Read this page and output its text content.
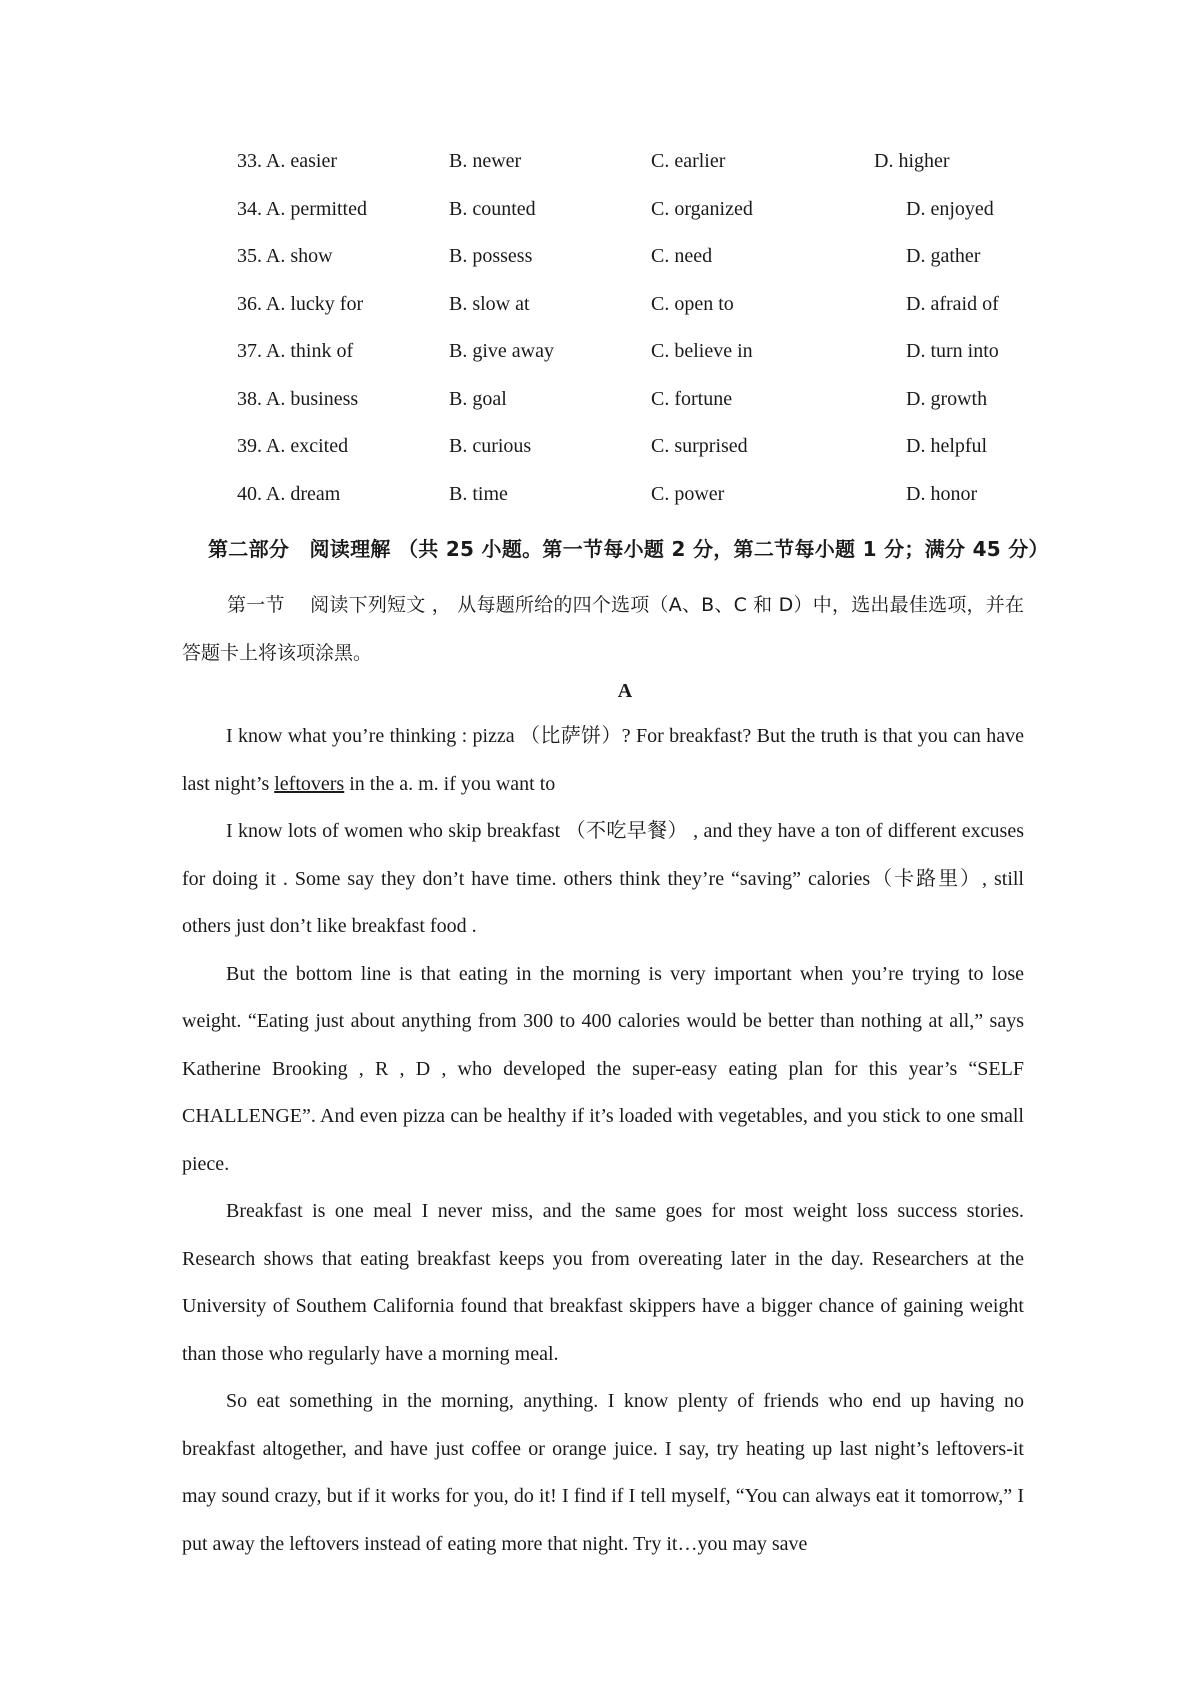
33. A. easier	B. newer	C. earlier	D. higher
34. A. permitted	B. counted	C. organized	D. enjoyed
35. A. show	B. possess	C. need	D. gather
36. A. lucky for	B. slow at	C. open to	D. afraid of
37. A. think of	B. give away	C. believe in	D. turn into
38. A. business	B. goal	C. fortune	D. growth
39. A. excited	B. curious	C. surprised	D. helpful
40. A. dream	B. time	C. power	D. honor
第二部分　阅读理解 （共 25 小题。第一节每小题 2 分，第二节每小题 1 分；满分 45 分）
第一节　 阅读下列短文 ， 从每题所给的四个选项（A、B、C 和 D）中，选出最佳选项，并在答题卡上将该项涂黑。
A

I know what you’re thinking : pizza （比萨饼）? For breakfast? But the truth is that you can have last night’s leftovers in the a. m. if you want to

I know lots of women who skip breakfast （不吃早餐） , and they have a ton of different excuses for doing it . Some say they don’t have time. others think they’re “saving” calories（卡路里）, still others just don’t like breakfast food .

But the bottom line is that eating in the morning is very important when you’re trying to lose weight. “Eating just about anything from 300 to 400 calories would be better than nothing at all,” says Katherine Brooking , R , D , who developed the super-easy eating plan for this year’s “SELF CHALLENGE”. And even pizza can be healthy if it’s loaded with vegetables, and you stick to one small piece.

Breakfast is one meal I never miss, and the same goes for most weight loss success stories. Research shows that eating breakfast keeps you from overeating later in the day. Researchers at the University of Southem California found that breakfast skippers have a bigger chance of gaining weight than those who regularly have a morning meal.

So eat something in the morning, anything. I know plenty of friends who end up having no breakfast altogether, and have just coffee or orange juice. I say, try heating up last night’s leftovers-it may sound crazy, but if it works for you, do it! I find if I tell myself, “You can always eat it tomorrow,” I put away the leftovers instead of eating more that night. Try it…you may save
